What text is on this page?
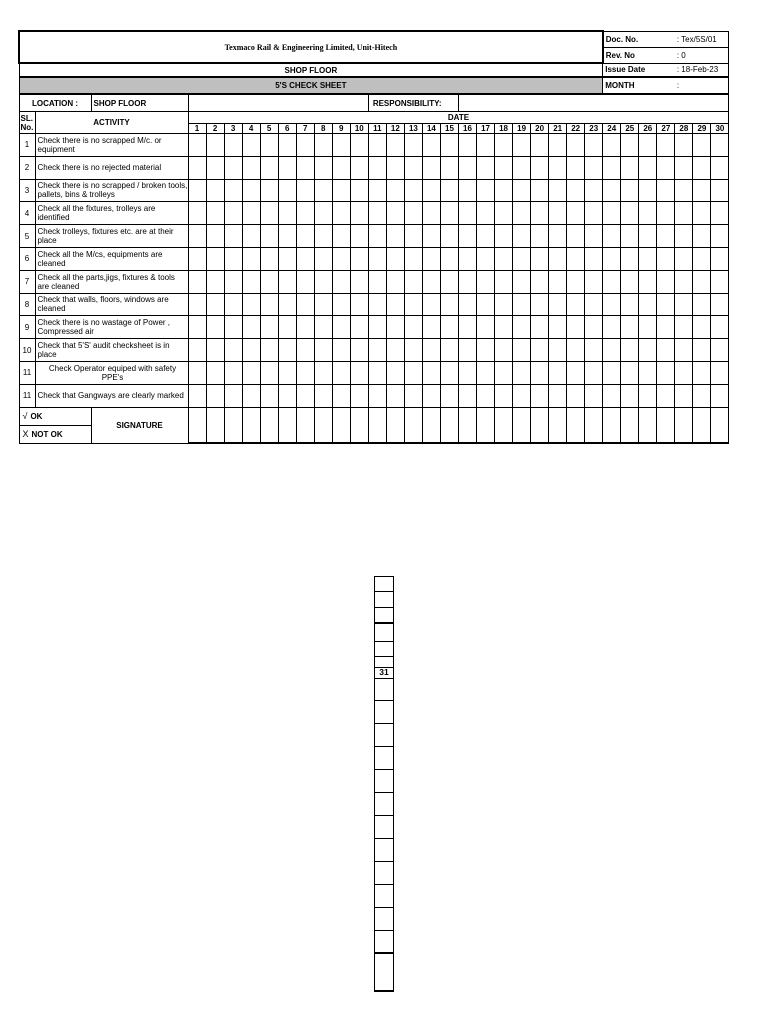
Texmaco Rail & Engineering Limited, Unit-Hitech																										Doc. No.				: Tex/5S/01		
																										Rev. No				: 0		
SHOP FLOOR																										Issue Date				: 18-Feb-23		
5'S CHECK SHEET																										MONTH				:		
LOCATION :		SHOP FLOOR											RESPONSIBILITY:																			
SL. No.	ACTIVITY		DATE																													
			1	2	3	4	5	6	7	8	9	10	11	12	13	14	15	16	17	18	19	20	21	22	23	24	25	26	27	28	29	30
1	Check there is no scrapped M/c. or equipment																															
2	Check there is no rejected material																															
3	Check there is no scrapped / broken tools, pallets, bins & trolleys																															
4	Check all the fixtures, trolleys are identified																															
5	Check trolleys, fixtures etc. are at their place																															
6	Check all the M/cs, equipments are cleaned																															
7	Check all the parts,jigs, fixtures & tools are cleaned																															
8	Check that walls, floors, windows are cleaned																															
9	Check there is no wastage of Power , Compressed air																															
10	Check that 5'S' audit checksheet is in place																															
11	Check Operator equiped with safety PPE's																															
11	Check that Gangways are clearly marked																															
√ OK		SIGNATURE																														
X NOT OK																																
31
